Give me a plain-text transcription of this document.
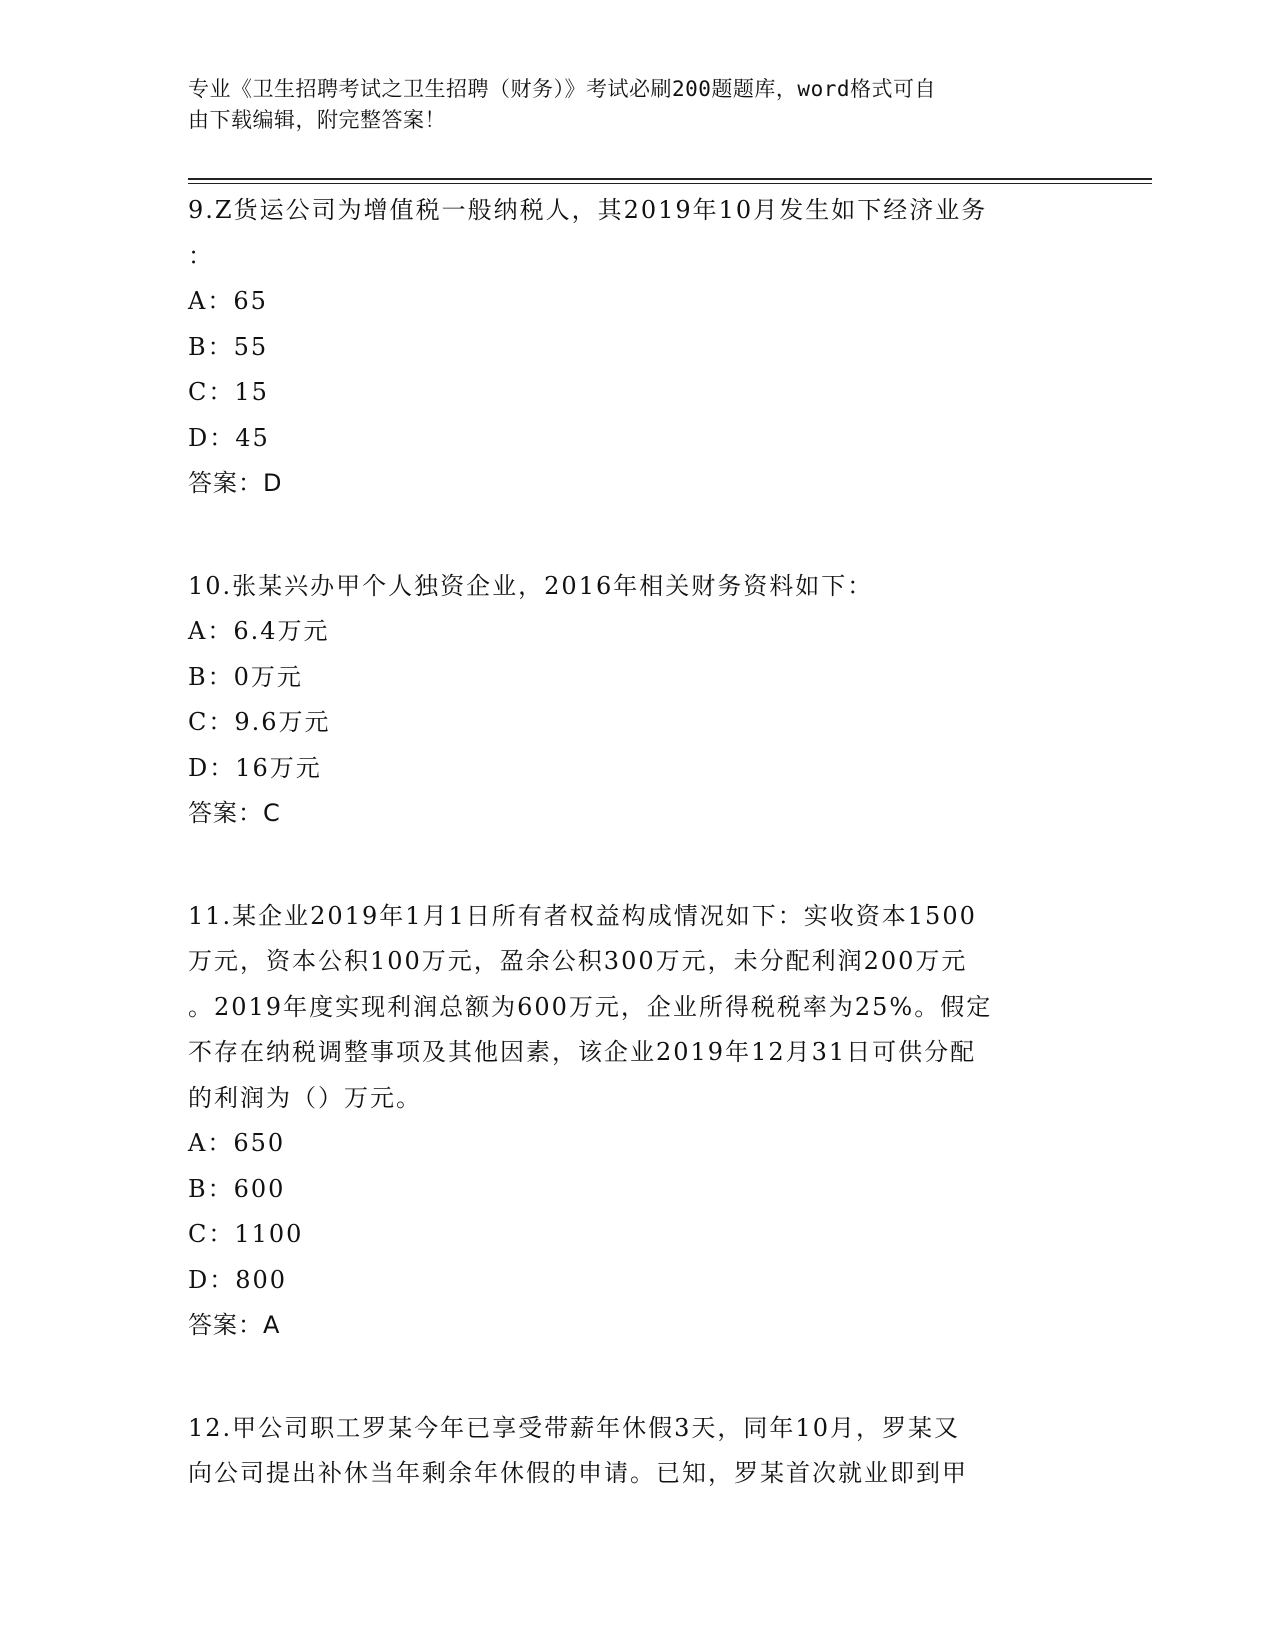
专业《卫生招聘考试之卫生招聘（财务）》考试必刷200题题库，word格式可自
由下载编辑，附完整答案！

9.Z货运公司为增值税一般纳税人，其2019年10月发生如下经济业务

：

A：65

B：55

C：15

D：45

答案：D

10.张某兴办甲个人独资企业，2016年相关财务资料如下：

A：6.4万元

B：0万元

C：9.6万元

D：16万元

答案：C

11.某企业2019年1月1日所有者权益构成情况如下：实收资本1500

万元，资本公积100万元，盈余公积300万元，未分配利润200万元

。2019年度实现利润总额为600万元，企业所得税税率为25%。假定

不存在纳税调整事项及其他因素，该企业2019年12月31日可供分配

的利润为（）万元。

A：650

B：600

C：1100

D：800

答案：A

12.甲公司职工罗某今年已享受带薪年休假3天，同年10月，罗某又

向公司提出补休当年剩余年休假的申请。已知，罗某首次就业即到甲
